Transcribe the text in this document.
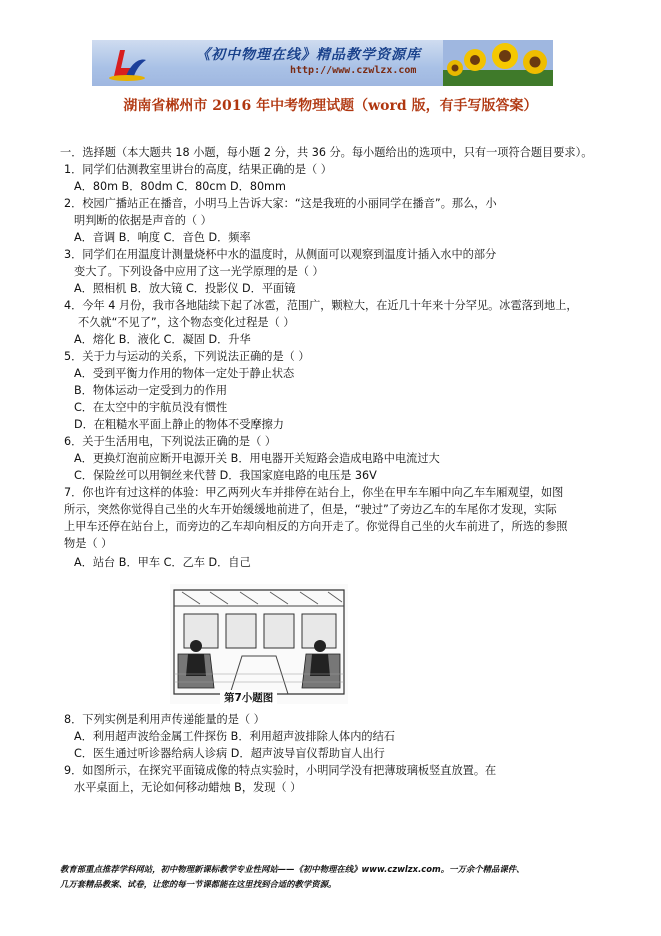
《初中物理在线》精品教学资源库
http://www.czwlzx.com
湖南省郴州市 2016 年中考物理试题（word 版，有手写版答案）
一．选择题（本大题共 18 小题，每小题 2 分，共 36 分。每小题给出的选项中，只有一项符合题目要求）。
1．同学们估测教室里讲台的高度，结果正确的是（ ）
A．80m B．80dm C．80cm D．80mm
2．校园广播站正在播音，小明马上告诉大家：“这是我班的小丽同学在播音”。那么，小
明判断的依据是声音的（ ）
A．音调 B．响度 C．音色 D．频率
3．同学们在用温度计测量烧杯中水的温度时，从侧面可以观察到温度计插入水中的部分
变大了。下列设备中应用了这一光学原理的是（ ）
A．照相机 B．放大镜 C．投影仪 D．平面镜
4．今年 4 月份，我市各地陆续下起了冰雹，范围广，颗粒大，在近几十年来十分罕见。冰雹落到地上，
不久就“不见了”，这个物态变化过程是（ ）
A．熔化 B．液化 C．凝固 D．升华
5．关于力与运动的关系，下列说法正确的是（ ）
A．受到平衡力作用的物体一定处于静止状态
B．物体运动一定受到力的作用
C．在太空中的宇航员没有惯性
D．在粗糙水平面上静止的物体不受摩擦力
6．关于生活用电，下列说法正确的是（ ）
A．更换灯泡前应断开电源开关 B．用电器开关短路会造成电路中电流过大
C．保险丝可以用铜丝来代替 D．我国家庭电路的电压是 36V
7．你也许有过这样的体验：甲乙两列火车并排停在站台上，你坐在甲车车厢中向乙车车厢观望，如图
所示，突然你觉得自己坐的火车开始缓缓地前进了，但是，“驶过”了旁边乙车的车尾你才发现，实际
上甲车还停在站台上，而旁边的乙车却向相反的方向开走了。你觉得自己坐的火车前进了，所选的参照
物是（ ）
A．站台 B．甲车 C．乙车 D．自己
8．下列实例是利用声传递能量的是（ ）
A．利用超声波给金属工件探伤 B．利用超声波排除人体内的结石
C．医生通过听诊器给病人诊病 D．超声波导盲仪帮助盲人出行
9．如图所示，在探究平面镜成像的特点实验时，小明同学没有把薄玻璃板竖直放置。在
水平桌面上，无论如何移动蜡烛 B，发现（ ）
第7小题图
教育部重点推荐学科网站，初中物理新课标教学专业性网站——《初中物理在线》www.czwlzx.com。一万余个精品课件、
几万套精品教案、试卷，让您的每一节课都能在这里找到合适的教学资源。
